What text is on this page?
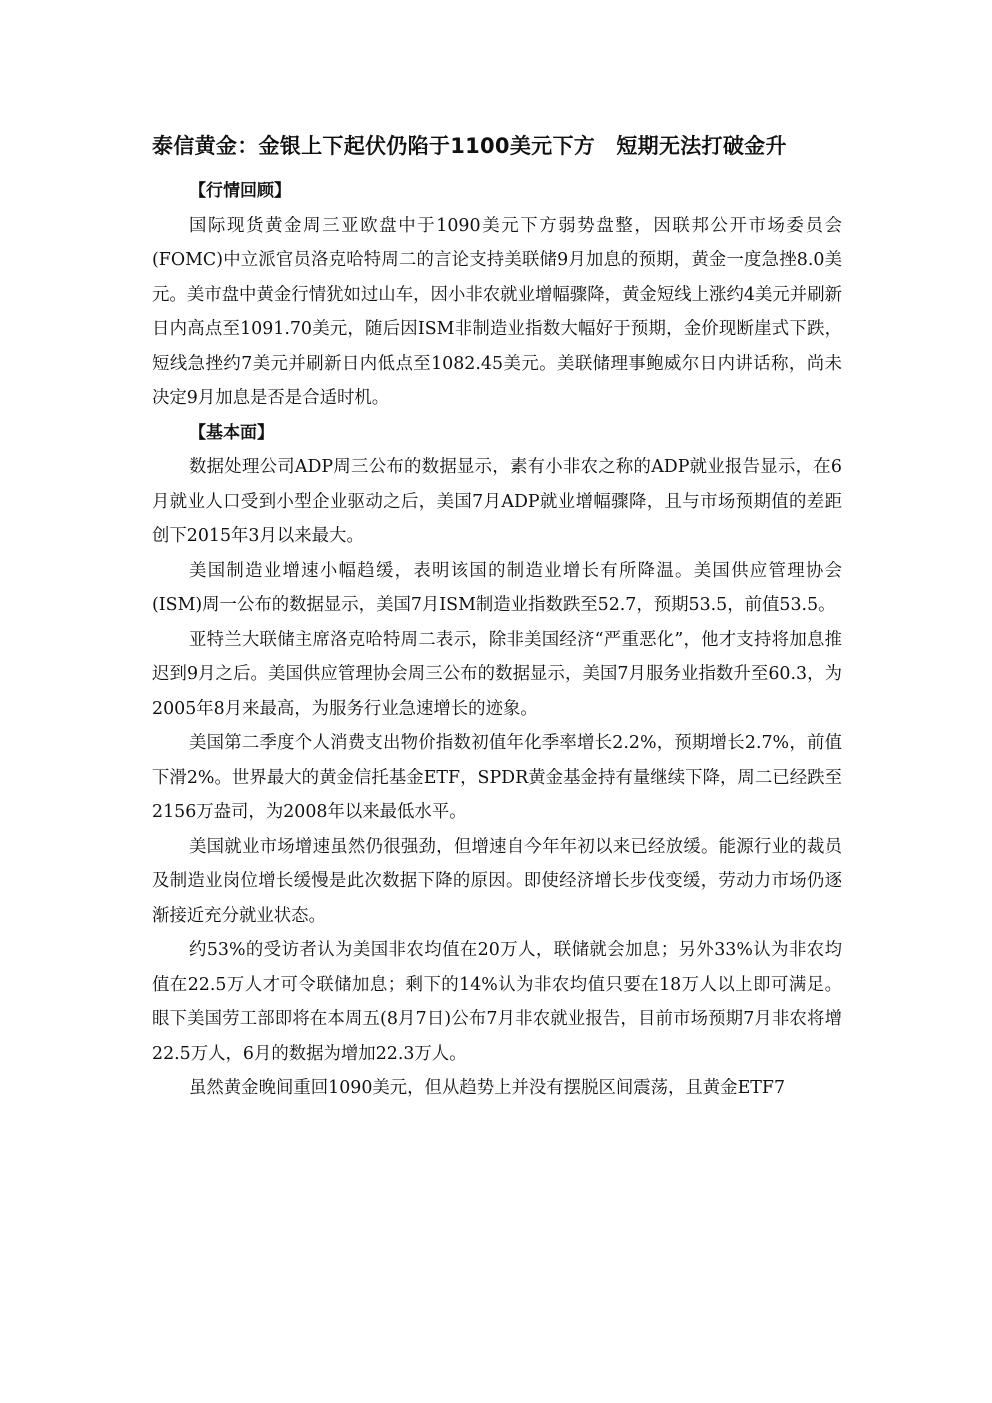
泰信黄金：金银上下起伏仍陷于1100美元下方　短期无法打破金升

【行情回顾】

国际现货黄金周三亚欧盘中于1090美元下方弱势盘整，因联邦公开市场委员会(FOMC)中立派官员洛克哈特周二的言论支持美联储9月加息的预期，黄金一度急挫8.0美元。美市盘中黄金行情犹如过山车，因小非农就业增幅骤降，黄金短线上涨约4美元并刷新日内高点至1091.70美元，随后因ISM非制造业指数大幅好于预期，金价现断崖式下跌，短线急挫约7美元并刷新日内低点至1082.45美元。美联储理事鲍威尔日内讲话称，尚未决定9月加息是否是合适时机。

【基本面】

数据处理公司ADP周三公布的数据显示，素有小非农之称的ADP就业报告显示，在6月就业人口受到小型企业驱动之后，美国7月ADP就业增幅骤降，且与市场预期值的差距创下2015年3月以来最大。

美国制造业增速小幅趋缓，表明该国的制造业增长有所降温。美国供应管理协会(ISM)周一公布的数据显示，美国7月ISM制造业指数跌至52.7，预期53.5，前值53.5。

亚特兰大联储主席洛克哈特周二表示，除非美国经济“严重恶化”，他才支持将加息推迟到9月之后。美国供应管理协会周三公布的数据显示，美国7月服务业指数升至60.3，为2005年8月来最高，为服务行业急速增长的迹象。

美国第二季度个人消费支出物价指数初值年化季率增长2.2%，预期增长2.7%，前值下滑2%。世界最大的黄金信托基金ETF，SPDR黄金基金持有量继续下降，周二已经跌至2156万盎司，为2008年以来最低水平。

美国就业市场增速虽然仍很强劲，但增速自今年年初以来已经放缓。能源行业的裁员及制造业岗位增长缓慢是此次数据下降的原因。即使经济增长步伐变缓，劳动力市场仍逐渐接近充分就业状态。

约53%的受访者认为美国非农均值在20万人，联储就会加息；另外33%认为非农均值在22.5万人才可令联储加息；剩下的14%认为非农均值只要在18万人以上即可满足。眼下美国劳工部即将在本周五(8月7日)公布7月非农就业报告，目前市场预期7月非农将增22.5万人，6月的数据为增加22.3万人。

虽然黄金晚间重回1090美元，但从趋势上并没有摆脱区间震荡，且黄金ETF7
